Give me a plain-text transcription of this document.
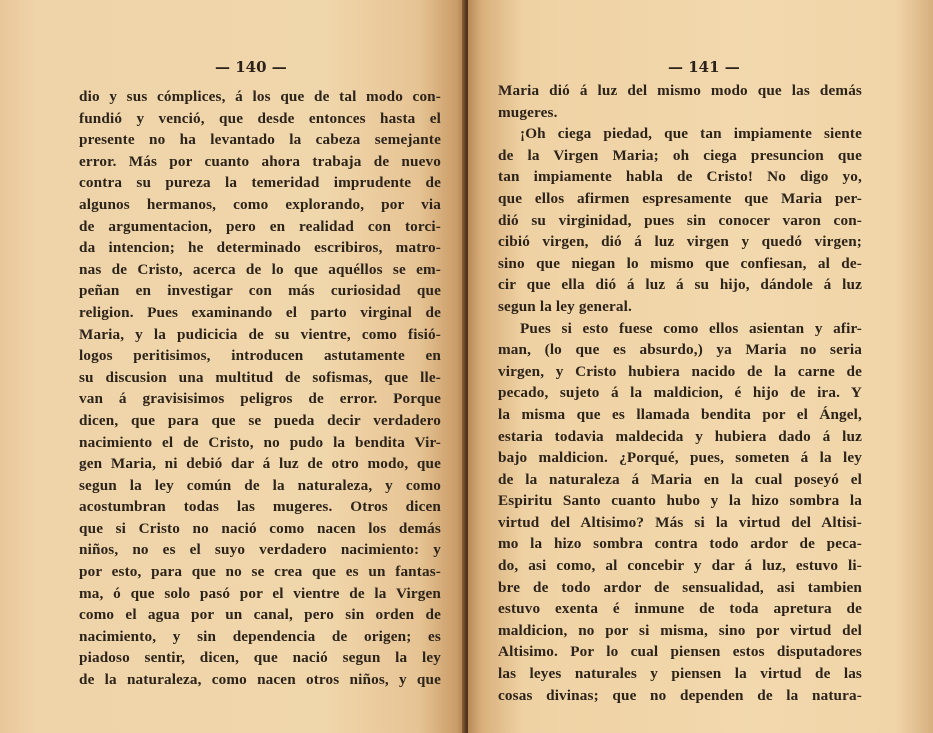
— 140 —
dio y sus cómplices, á los que de tal modo con-
fundió y venció, que desde entonces hasta el
presente no ha levantado la cabeza semejante
error. Más por cuanto ahora trabaja de nuevo
contra su pureza la temeridad imprudente de
algunos hermanos, como explorando, por via
de argumentacion, pero en realidad con torci-
da intencion; he determinado escribiros, matro-
nas de Cristo, acerca de lo que aquéllos se em-
peñan en investigar con más curiosidad que
religion. Pues examinando el parto virginal de
Maria, y la pudicicia de su vientre, como fisió-
logos peritisimos, introducen astutamente en
su discusion una multitud de sofismas, que lle-
van á gravisisimos peligros de error. Porque
dicen, que para que se pueda decir verdadero
nacimiento el de Cristo, no pudo la bendita Vir-
gen Maria, ni debió dar á luz de otro modo, que
segun la ley común de la naturaleza, y como
acostumbran todas las mugeres. Otros dicen
que si Cristo no nació como nacen los demás
niños, no es el suyo verdadero nacimiento: y
por esto, para que no se crea que es un fantas-
ma, ó que solo pasó por el vientre de la Virgen
como el agua por un canal, pero sin orden de
nacimiento, y sin dependencia de origen; es
piadoso sentir, dicen, que nació segun la ley
de la naturaleza, como nacen otros niños, y que
— 141 —
Maria dió á luz del mismo modo que las demás
mugeres.
¡Oh ciega piedad, que tan impiamente siente
de la Virgen Maria; oh ciega presuncion que
tan impiamente habla de Cristo! No digo yo,
que ellos afirmen espresamente que Maria per-
dió su virginidad, pues sin conocer varon con-
cibió virgen, dió á luz virgen y quedó virgen;
sino que niegan lo mismo que confiesan, al de-
cir que ella dió á luz á su hijo, dándole á luz
segun la ley general.
Pues si esto fuese como ellos asientan y afir-
man, (lo que es absurdo,) ya Maria no seria
virgen, y Cristo hubiera nacido de la carne de
pecado, sujeto á la maldicion, é hijo de ira. Y
la misma que es llamada bendita por el Ángel,
estaria todavia maldecida y hubiera dado á luz
bajo maldicion. ¿Porqué, pues, someten á la ley
de la naturaleza á Maria en la cual poseyó el
Espiritu Santo cuanto hubo y la hizo sombra la
virtud del Altisimo? Más si la virtud del Altisi-
mo la hizo sombra contra todo ardor de peca-
do, asi como, al concebir y dar á luz, estuvo li-
bre de todo ardor de sensualidad, asi tambien
estuvo exenta é inmune de toda apretura de
maldicion, no por si misma, sino por virtud del
Altisimo. Por lo cual piensen estos disputadores
las leyes naturales y piensen la virtud de las
cosas divinas; que no dependen de la natura-
